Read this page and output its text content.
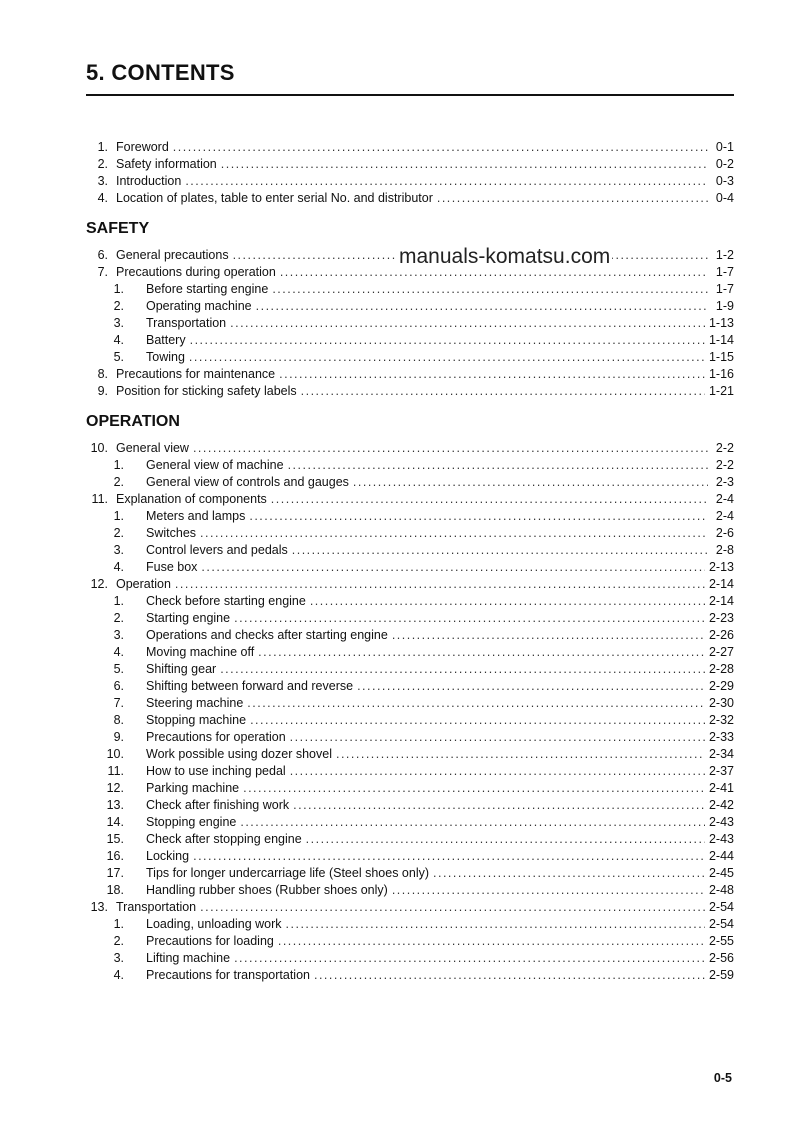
5. CONTENTS
1. Foreword .....	0-1
2. Safety information .....	0-2
3. Introduction .....	0-3
4. Location of plates, table to enter serial No. and distributor .....	0-4
SAFETY
6. General precautions .....	1-2
7. Precautions during operation .....	1-7
1. Before starting engine .....	1-7
2. Operating machine .....	1-9
3. Transportation .....	1-13
4. Battery .....	1-14
5. Towing .....	1-15
8. Precautions for maintenance .....	1-16
9. Position for sticking safety labels .....	1-21
OPERATION
10. General view .....	2-2
1. General view of machine .....	2-2
2. General view of controls and gauges .....	2-3
11. Explanation of components .....	2-4
1. Meters and lamps .....	2-4
2. Switches .....	2-6
3. Control levers and pedals .....	2-8
4. Fuse box .....	2-13
12. Operation .....	2-14
1. Check before starting engine .....	2-14
2. Starting engine .....	2-23
3. Operations and checks after starting engine .....	2-26
4. Moving machine off .....	2-27
5. Shifting gear .....	2-28
6. Shifting between forward and reverse .....	2-29
7. Steering machine .....	2-30
8. Stopping machine .....	2-32
9. Precautions for operation .....	2-33
10. Work possible using dozer shovel .....	2-34
11. How to use inching pedal .....	2-37
12. Parking machine .....	2-41
13. Check after finishing work .....	2-42
14. Stopping engine .....	2-43
15. Check after stopping engine .....	2-43
16. Locking .....	2-44
17. Tips for longer undercarriage life (Steel shoes only) .....	2-45
18. Handling rubber shoes (Rubber shoes only) .....	2-48
13. Transportation .....	2-54
1. Loading, unloading work .....	2-54
2. Precautions for loading .....	2-55
3. Lifting machine .....	2-56
4. Precautions for transportation .....	2-59
manuals-komatsu.com
0-5
